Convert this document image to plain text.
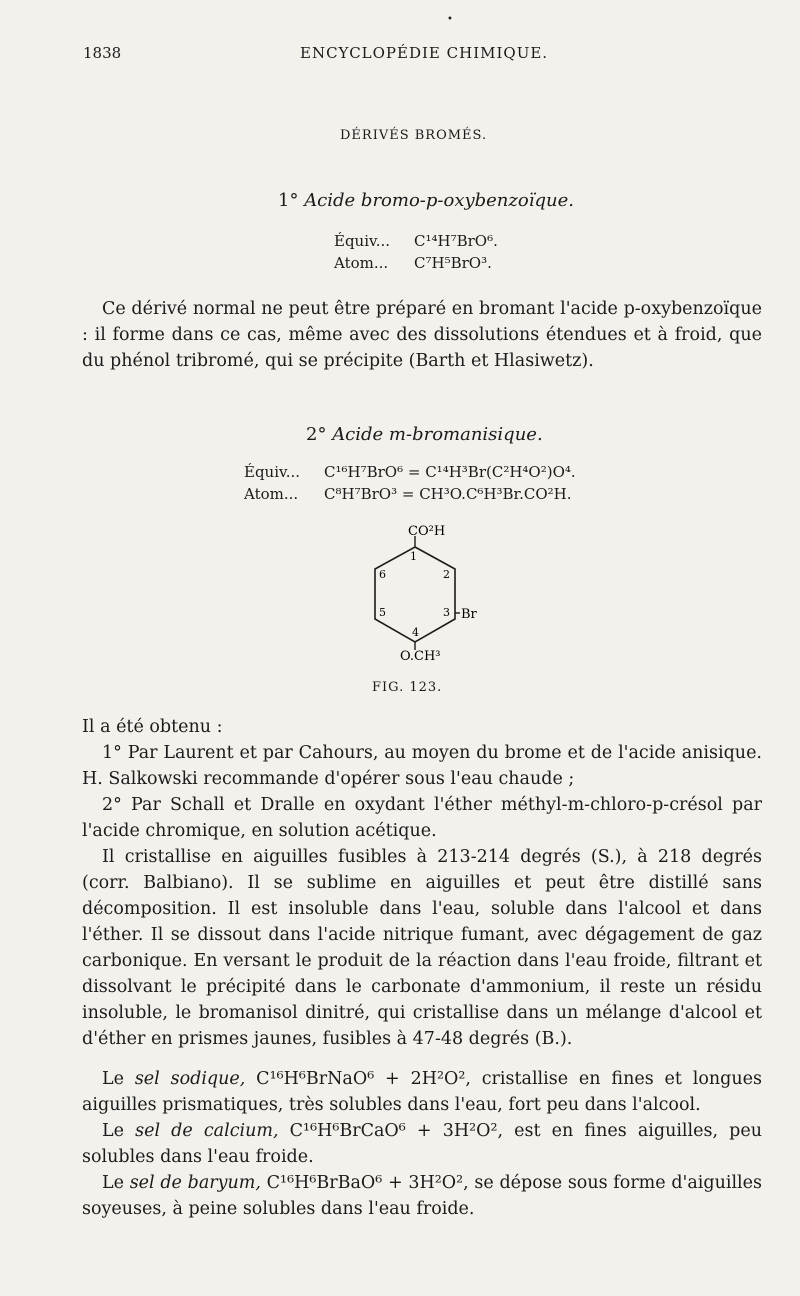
•
1838	ENCYCLOPÉDIE CHIMIQUE.
DÉRIVÉS BROMÉS.
1° Acide bromo-p-oxybenzoïque.
Équiv... C¹⁴H⁷BrO⁶.
Atom... C⁷H⁵BrO³.

Ce dérivé normal ne peut être préparé en bromant l'acide p-oxybenzoïque : il forme dans ce cas, même avec des dissolutions étendues et à froid, que du phénol tribromé, qui se précipite (Barth et Hlasiwetz).

2° Acide m-bromanisique.
Équiv... C¹⁶H⁷BrO⁶ = C¹⁴H³Br(C²H⁴O²)O⁴.
Atom... C⁸H⁷BrO³ = CH³O.C⁶H³Br.CO²H.
CO²H
O.CH³
Br
1
2
3
4
5
6
FIG. 123.

Il a été obtenu :

1° Par Laurent et par Cahours, au moyen du brome et de l'acide anisique. H. Salkowski recommande d'opérer sous l'eau chaude ;

2° Par Schall et Dralle en oxydant l'éther méthyl-m-chloro-p-crésol par l'acide chromique, en solution acétique.

Il cristallise en aiguilles fusibles à 213-214 degrés (S.), à 218 degrés (corr. Balbiano). Il se sublime en aiguilles et peut être distillé sans décomposition. Il est insoluble dans l'eau, soluble dans l'alcool et dans l'éther. Il se dissout dans l'acide nitrique fumant, avec dégagement de gaz carbonique. En versant le produit de la réaction dans l'eau froide, filtrant et dissolvant le précipité dans le carbonate d'ammonium, il reste un résidu insoluble, le bromanisol dinitré, qui cristallise dans un mélange d'alcool et d'éther en prismes jaunes, fusibles à 47-48 degrés (B.).

Le sel sodique, C¹⁶H⁶BrNaO⁶ + 2H²O², cristallise en fines et longues aiguilles prismatiques, très solubles dans l'eau, fort peu dans l'alcool.

Le sel de calcium, C¹⁶H⁶BrCaO⁶ + 3H²O², est en fines aiguilles, peu solubles dans l'eau froide.

Le sel de baryum, C¹⁶H⁶BrBaO⁶ + 3H²O², se dépose sous forme d'aiguilles soyeuses, à peine solubles dans l'eau froide.
